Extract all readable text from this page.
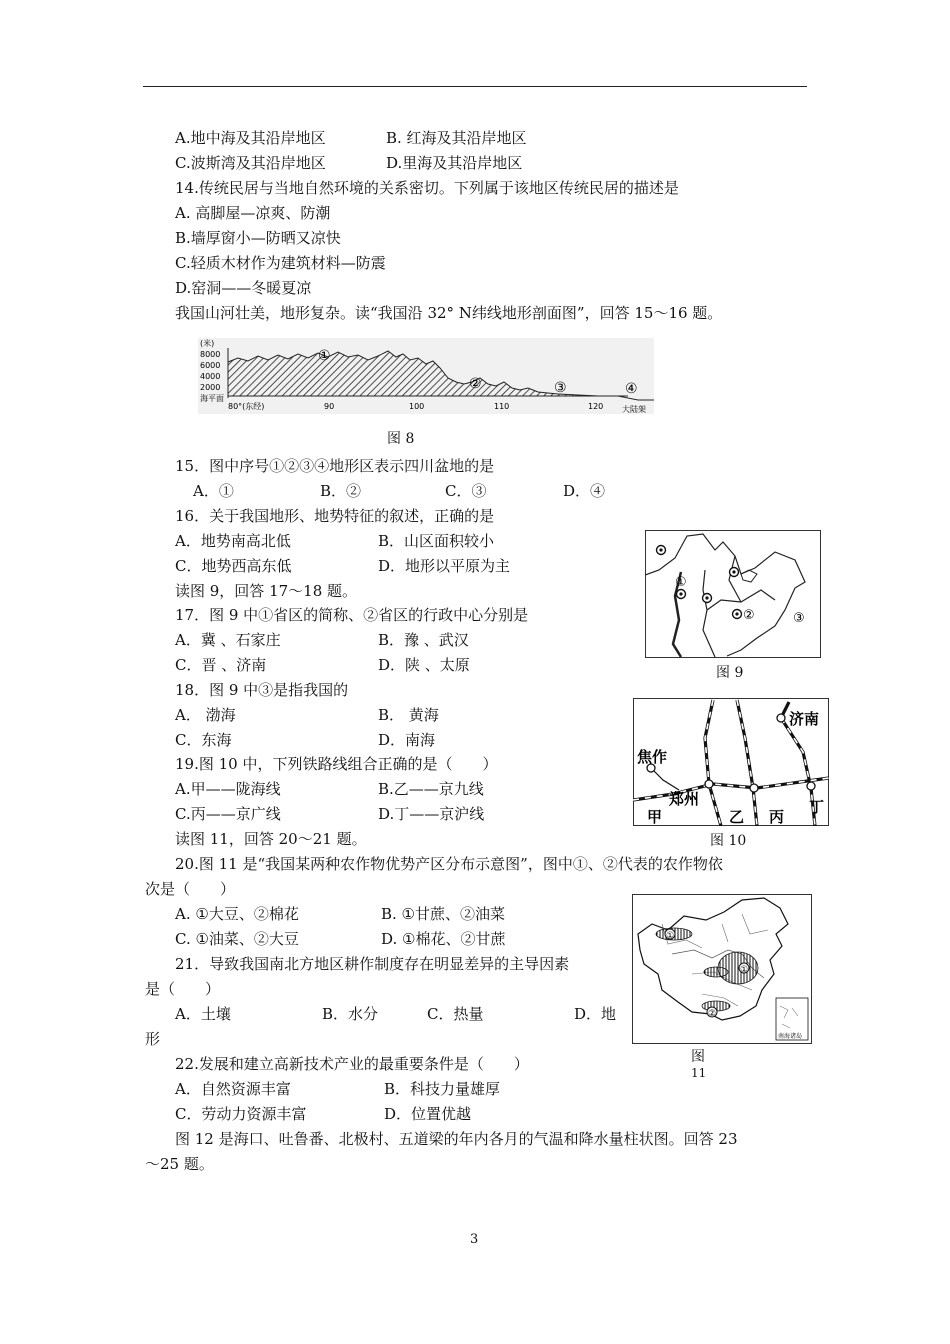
A.地中海及其沿岸地区	B. 红海及其沿岸地区
C.波斯湾及其沿岸地区	D.里海及其沿岸地区
14.传统民居与当地自然环境的关系密切。下列属于该地区传统民居的描述是
A. 高脚屋—凉爽、防潮
B.墙厚窗小—防晒又凉快
C.轻质木材作为建筑材料—防震
D.窑洞——冬暖夏凉
我国山河壮美，地形复杂。读“我国沿 32° N纬线地形剖面图”，回答 15～16 题。
(米)
8000
6000
4000
2000
海平面
80°(东经)	90	100	110	120 大陆架
①
②	③	④
图 8
15．图中序号①②③④地形区表示四川盆地的是
A．①	B．②	C．③	D．④
16．关于我国地形、地势特征的叙述，正确的是
A．地势南高北低	B．山区面积较小
C．地势西高东低	D．地形以平原为主
读图 9，回答 17～18 题。
17．图 9 中①省区的简称、②省区的行政中心分别是
A．冀 、石家庄	B．豫 、武汉
C．晋 、济南	D．陕 、太原
18．图 9 中③是指我国的
A． 渤海	B． 黄海
C．东海	D．南海
19.图 10 中，下列铁路线组合正确的是（　　）
A.甲——陇海线	B.乙——京九线
C.丙——京广线	D.丁——京沪线
读图 11，回答 20～21 题。
20.图 11 是“我国某两种农作物优势产区分布示意图”，图中①、②代表的农作物依
次是（　　）
A. ①大豆、②棉花	B. ①甘蔗、②油菜
C. ①油菜、②大豆	D. ①棉花、②甘蔗
21．导致我国南北方地区耕作制度存在明显差异的主导因素
是（　　）
A．土壤	B．水分	C．热量	D．地
形
22.发展和建立高新技术产业的最重要条件是（　　）
A．自然资源丰富	B．科技力量雄厚
C．劳动力资源丰富	D．位置优越
图 12 是海口、吐鲁番、北极村、五道梁的年内各月的气温和降水量柱状图。回答 23
～25 题。
①
②	③
图 9
济南
焦作
郑州
甲	乙 丙
丁
图 10
①
①
②
南海诸岛
图
11
3
